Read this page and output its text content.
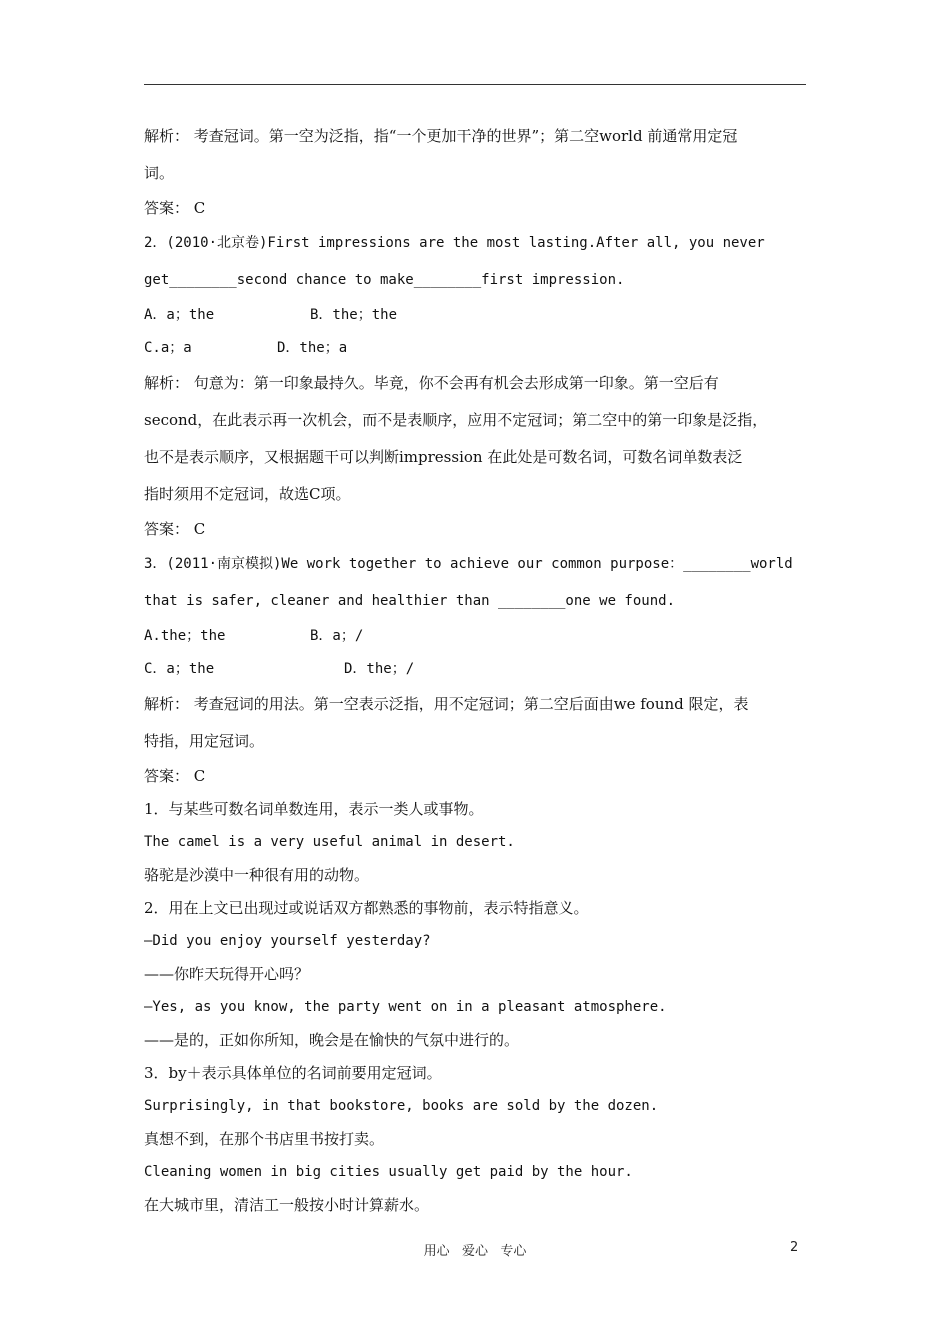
解析： 考查冠词。第一空为泛指，指“一个更加干净的世界”；第二空world 前通常用定冠

词。

答案： C

2．(2010·北京卷)First impressions are the most lasting.After all, you never

get________second chance to make________first impression.

A．a；the	B．the；the
C.a；a	D．the；a

解析： 句意为：第一印象最持久。毕竟，你不会再有机会去形成第一印象。第一空后有

second，在此表示再一次机会，而不是表顺序，应用不定冠词；第二空中的第一印象是泛指，

也不是表示顺序，又根据题干可以判断impression 在此处是可数名词，可数名词单数表泛

指时须用不定冠词，故选C项。

答案： C

3．(2011·南京模拟)We work together to achieve our common purpose：________world

that is safer, cleaner and healthier than ________one we found.

A.the；the	B．a；/
C．a；the	D．the；/

解析： 考查冠词的用法。第一空表示泛指，用不定冠词；第二空后面由we found 限定，表

特指，用定冠词。

答案： C

1．与某些可数名词单数连用，表示一类人或事物。

The camel is a very useful animal in desert.

骆驼是沙漠中一种很有用的动物。

2．用在上文已出现过或说话双方都熟悉的事物前，表示特指意义。

—Did you enjoy yourself yesterday?

——你昨天玩得开心吗？

—Yes, as you know, the party went on in a pleasant atmosphere.

——是的，正如你所知，晚会是在愉快的气氛中进行的。

3．by＋表示具体单位的名词前要用定冠词。

Surprisingly, in that bookstore, books are sold by the dozen.

真想不到，在那个书店里书按打卖。

Cleaning women in big cities usually get paid by the hour.

在大城市里，清洁工一般按小时计算薪水。

用心   爱心   专心	2
